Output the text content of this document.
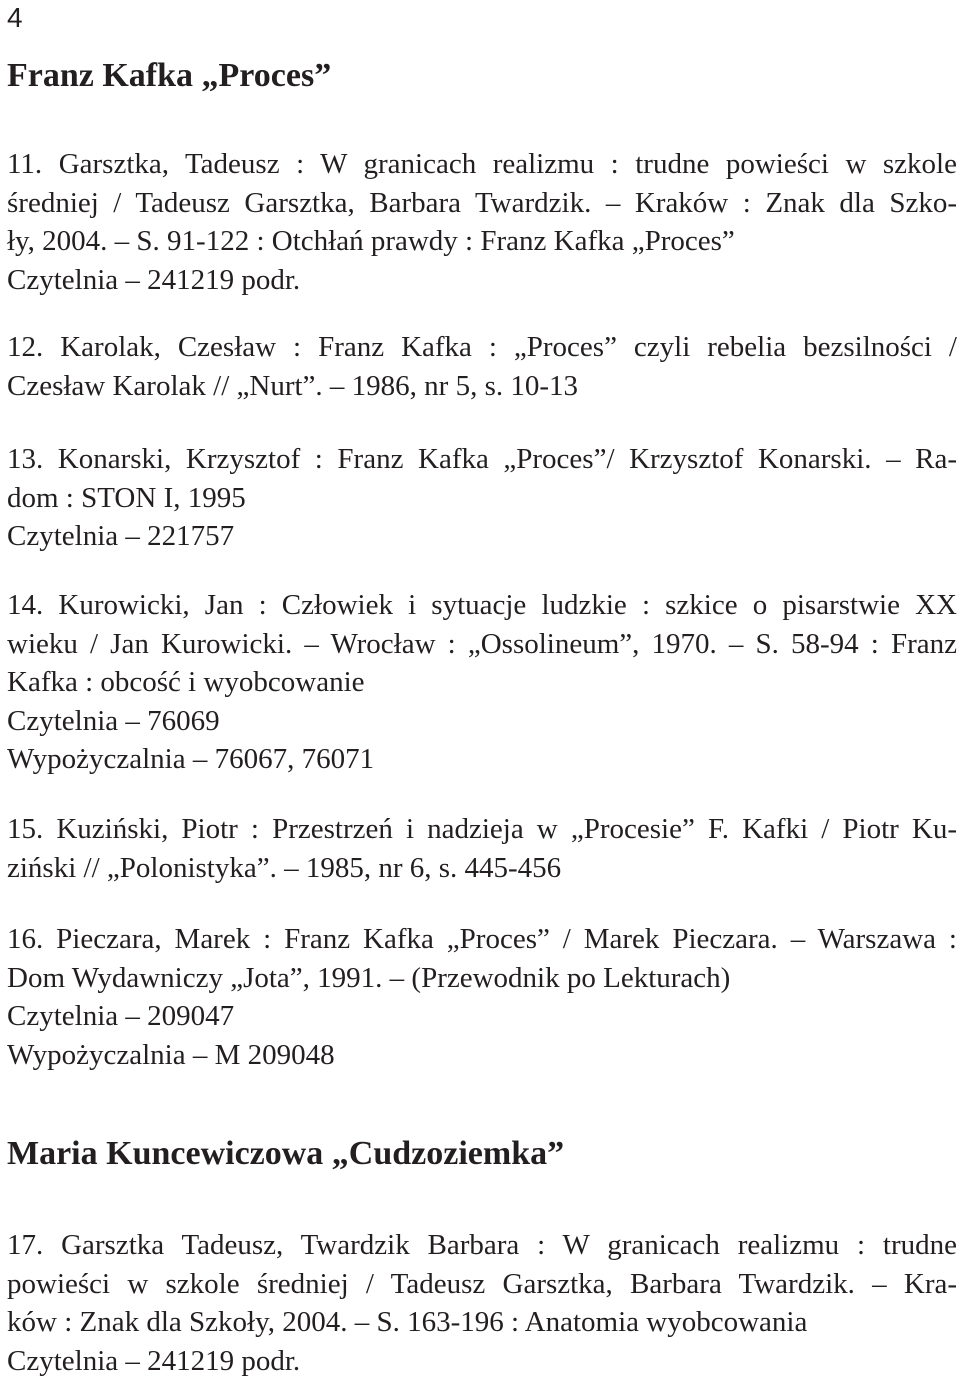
4
Franz Kafka „Proces”
11. Garsztka, Tadeusz : W granicach realizmu : trudne powieści w szkole
średniej / Tadeusz Garsztka, Barbara Twardzik. – Kraków : Znak dla Szko-
ły, 2004. – S. 91-122 : Otchłań prawdy : Franz Kafka „Proces”
Czytelnia – 241219 podr.
12. Karolak, Czesław : Franz Kafka : „Proces” czyli rebelia bezsilności /
Czesław Karolak // „Nurt”. – 1986, nr 5, s. 10-13
13. Konarski, Krzysztof : Franz Kafka „Proces”/ Krzysztof Konarski. – Ra-
dom : STON I, 1995
Czytelnia – 221757
14. Kurowicki, Jan : Człowiek i sytuacje ludzkie : szkice o pisarstwie XX
wieku / Jan Kurowicki. – Wrocław : „Ossolineum”, 1970. – S. 58-94 : Franz
Kafka : obcość i wyobcowanie
Czytelnia – 76069
Wypożyczalnia – 76067, 76071
15. Kuziński, Piotr : Przestrzeń i nadzieja w „Procesie” F. Kafki / Piotr Ku-
ziński // „Polonistyka”. – 1985, nr 6, s. 445-456
16. Pieczara, Marek : Franz Kafka „Proces” / Marek Pieczara. – Warszawa :
Dom Wydawniczy „Jota”, 1991. – (Przewodnik po Lekturach)
Czytelnia – 209047
Wypożyczalnia – M 209048
Maria Kuncewiczowa „Cudzoziemka”
17. Garsztka Tadeusz, Twardzik Barbara : W granicach realizmu : trudne
powieści w szkole średniej / Tadeusz Garsztka, Barbara Twardzik. – Kra-
ków : Znak dla Szkoły, 2004. – S. 163-196 : Anatomia wyobcowania
Czytelnia – 241219 podr.
